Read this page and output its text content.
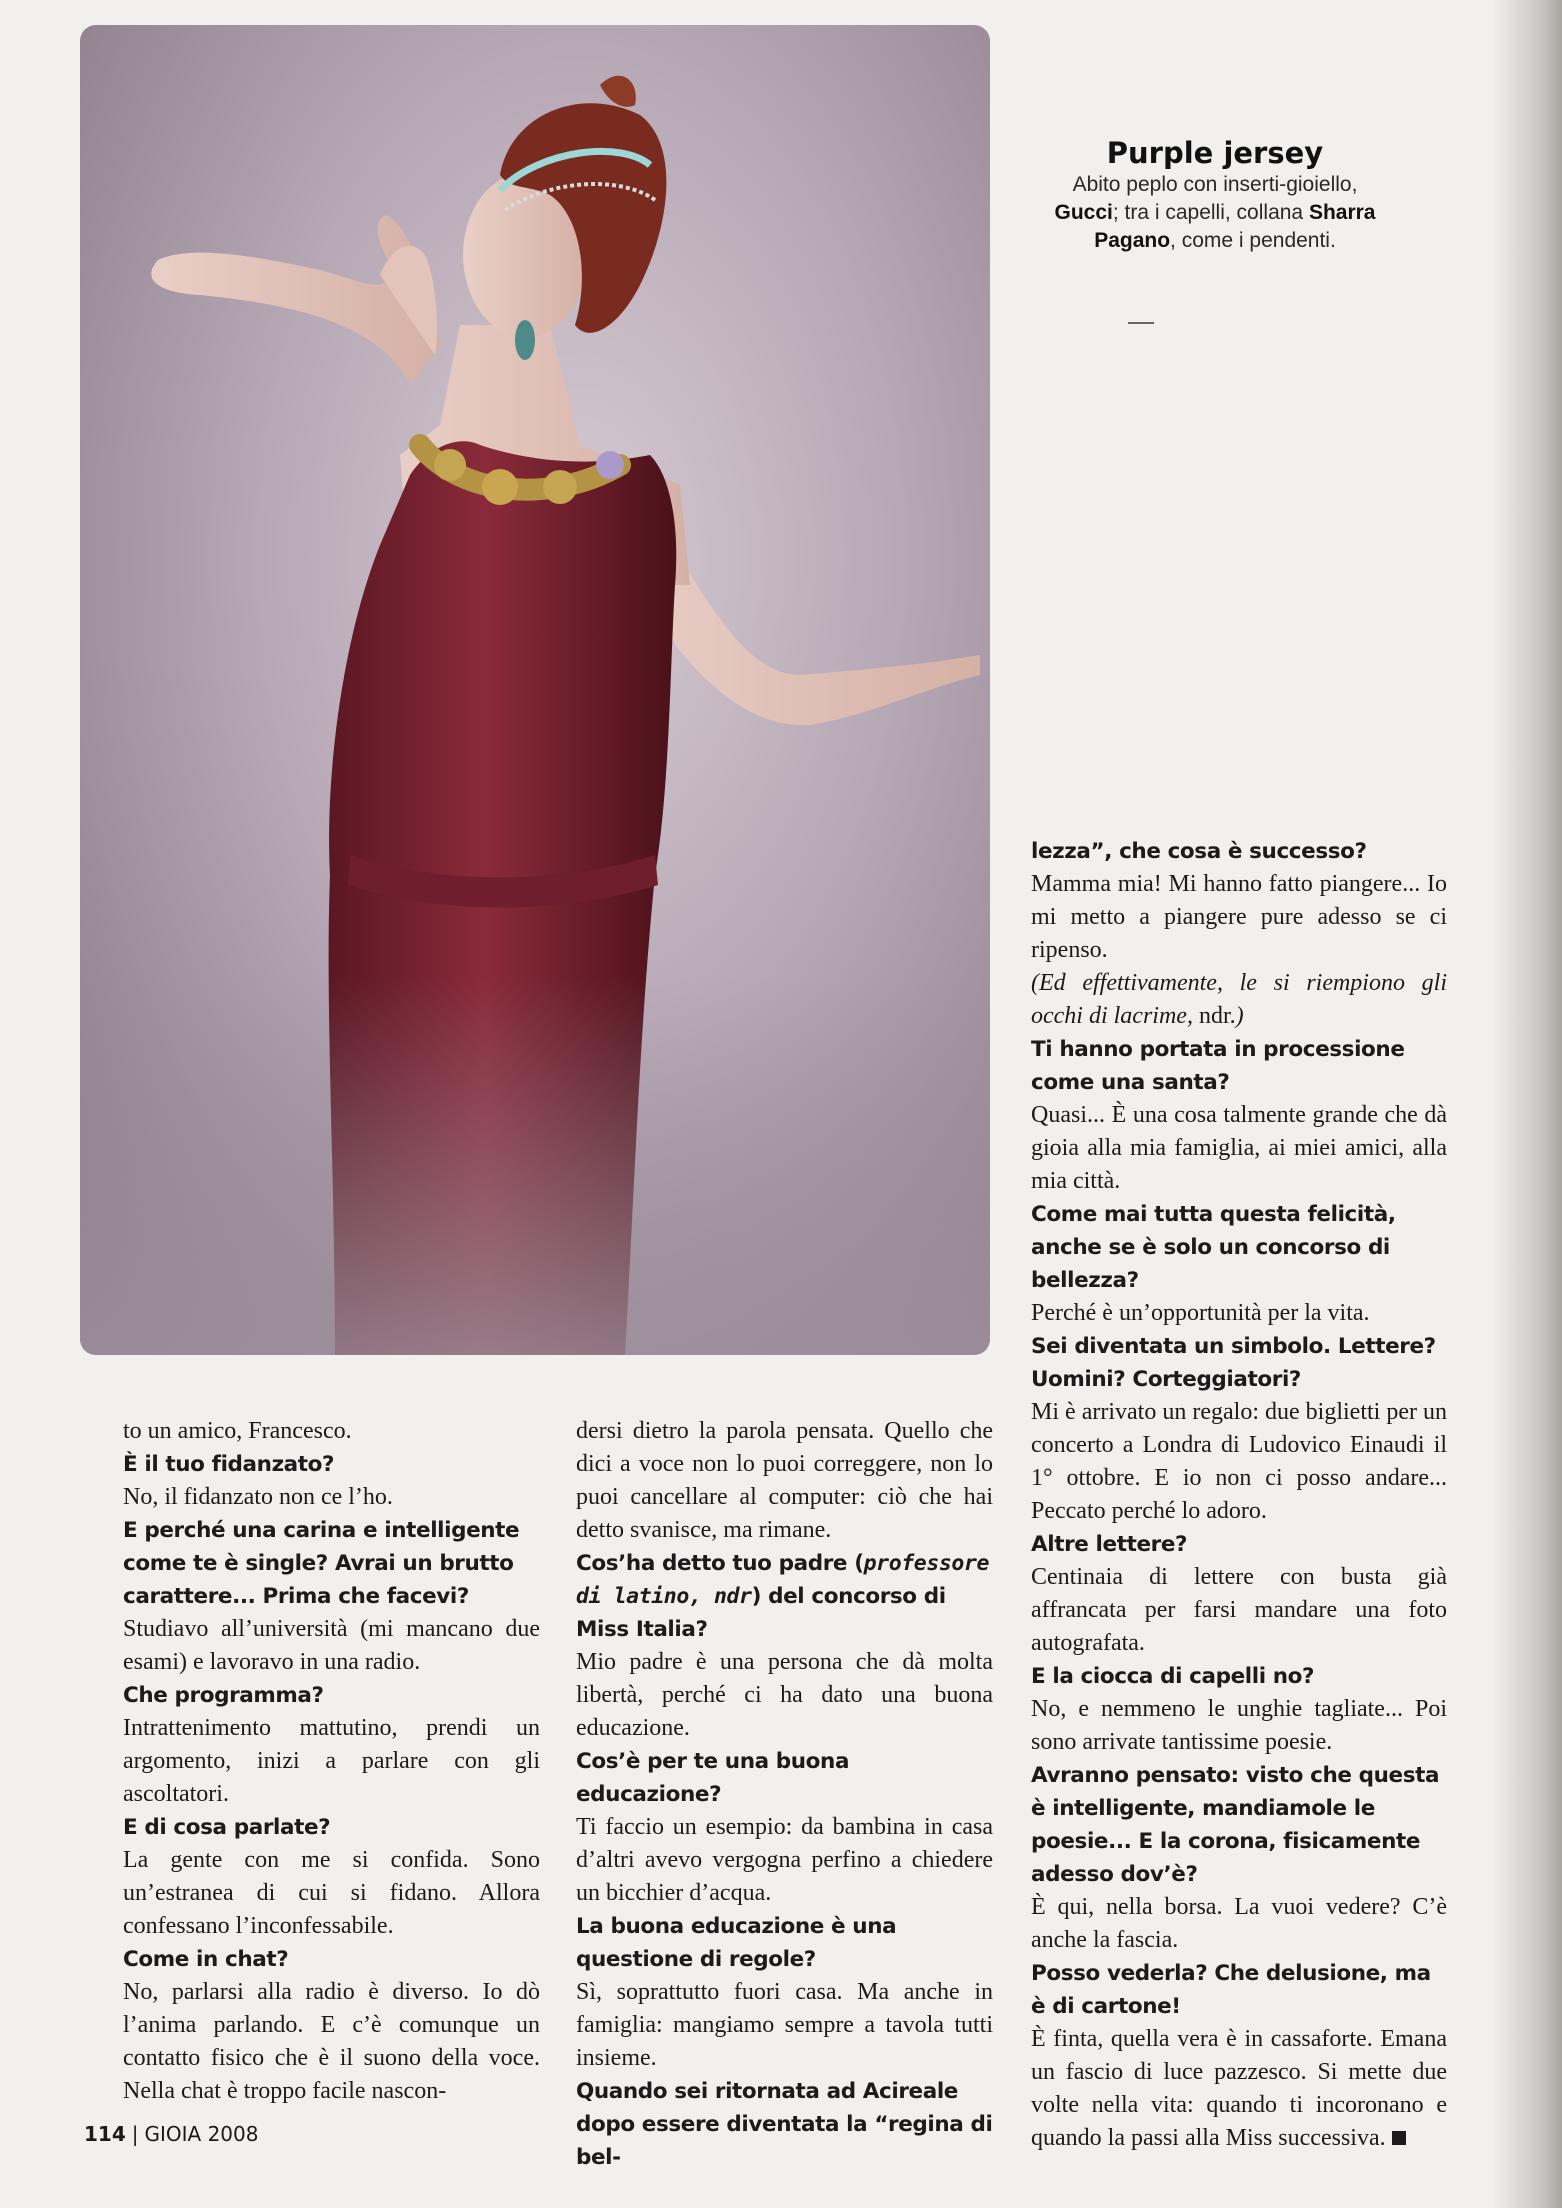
Purple jersey
Abito peplo con inserti-gioiello, Gucci; tra i capelli, collana Sharra Pagano, come i pendenti.

to un amico, Francesco.

È il tuo fidanzato?

No, il fidanzato non ce l’ho.

E perché una carina e intelligente come te è single? Avrai un brutto carattere... Prima che facevi?

Studiavo all’università (mi mancano due esami) e lavoravo in una radio.

Che programma?

Intrattenimento mattutino, prendi un argomento, inizi a parlare con gli ascoltatori.

E di cosa parlate?

La gente con me si confida. Sono un’estranea di cui si fidano. Allora confessano l’inconfessabile.

Come in chat?

No, parlarsi alla radio è diverso. Io dò l’anima parlando. E c’è comunque un contatto fisico che è il suono della voce. Nella chat è troppo facile nascon-

dersi dietro la parola pensata. Quello che dici a voce non lo puoi correggere, non lo puoi cancellare al computer: ciò che hai detto svanisce, ma rimane.

Cos’ha detto tuo padre (professore di latino, ndr) del concorso di Miss Italia?

Mio padre è una persona che dà molta libertà, perché ci ha dato una buona educazione.

Cos’è per te una buona educazione?

Ti faccio un esempio: da bambina in casa d’altri avevo vergogna perfino a chiedere un bicchier d’acqua.

La buona educazione è una questione di regole?

Sì, soprattutto fuori casa. Ma anche in famiglia: mangiamo sempre a tavola tutti insieme.

Quando sei ritornata ad Acireale dopo essere diventata la “regina di bel-

lezza”, che cosa è successo?

Mamma mia! Mi hanno fatto piangere... Io mi metto a piangere pure adesso se ci ripenso.

(Ed effettivamente, le si riempiono gli occhi di lacrime, ndr.)

Ti hanno portata in processione come una santa?

Quasi... È una cosa talmente grande che dà gioia alla mia famiglia, ai miei amici, alla mia città.

Come mai tutta questa felicità, anche se è solo un concorso di bellezza?

Perché è un’opportunità per la vita.

Sei diventata un simbolo. Lettere? Uomini? Corteggiatori?

Mi è arrivato un regalo: due biglietti per un concerto a Londra di Ludovico Einaudi il 1° ottobre. E io non ci posso andare... Peccato perché lo adoro.

Altre lettere?

Centinaia di lettere con busta già affrancata per farsi mandare una foto autografata.

E la ciocca di capelli no?

No, e nemmeno le unghie tagliate... Poi sono arrivate tantissime poesie.

Avranno pensato: visto che questa è intelligente, mandiamole le poesie... E la corona, fisicamente adesso dov’è?

È qui, nella borsa. La vuoi vedere? C’è anche la fascia.

Posso vederla? Che delusione, ma è di cartone!

È finta, quella vera è in cassaforte. Emana un fascio di luce pazzesco. Si mette due volte nella vita: quando ti incoronano e quando la passi alla Miss successiva.

114 | GIOIA 2008
